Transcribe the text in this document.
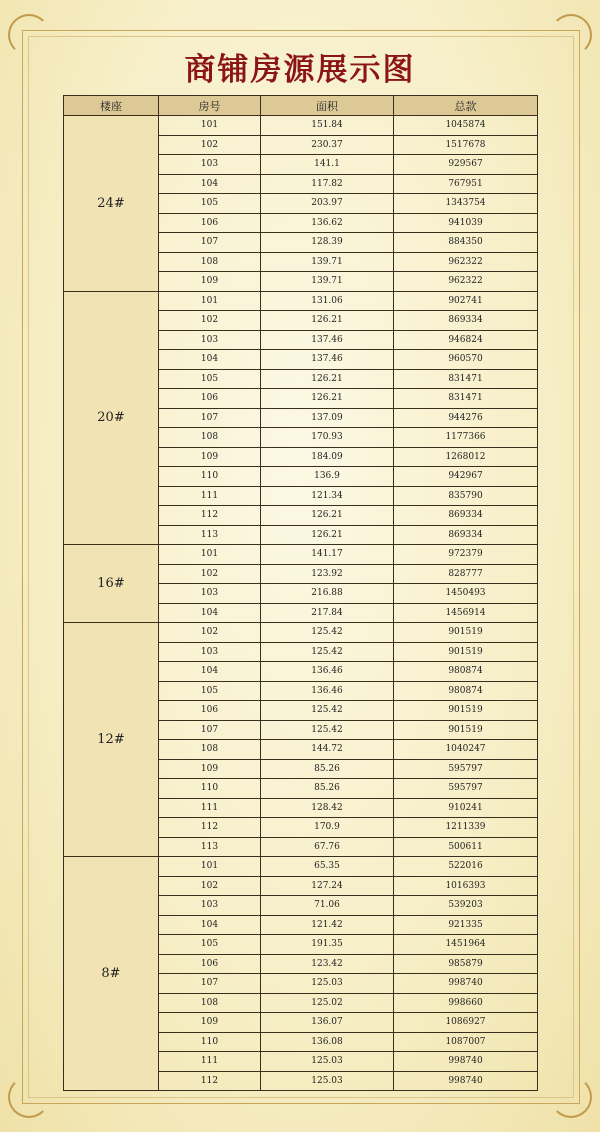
商铺房源展示图
楼座	房号	面积	总款
24#	101	151.84	1045874
	102	230.37	1517678
	103	141.1	929567
	104	117.82	767951
	105	203.97	1343754
	106	136.62	941039
	107	128.39	884350
	108	139.71	962322
	109	139.71	962322
20#	101	131.06	902741
	102	126.21	869334
	103	137.46	946824
	104	137.46	960570
	105	126.21	831471
	106	126.21	831471
	107	137.09	944276
	108	170.93	1177366
	109	184.09	1268012
	110	136.9	942967
	111	121.34	835790
	112	126.21	869334
	113	126.21	869334
16#	101	141.17	972379
	102	123.92	828777
	103	216.88	1450493
	104	217.84	1456914
12#	102	125.42	901519
	103	125.42	901519
	104	136.46	980874
	105	136.46	980874
	106	125.42	901519
	107	125.42	901519
	108	144.72	1040247
	109	85.26	595797
	110	85.26	595797
	111	128.42	910241
	112	170.9	1211339
	113	67.76	500611
8#	101	65.35	522016
	102	127.24	1016393
	103	71.06	539203
	104	121.42	921335
	105	191.35	1451964
	106	123.42	985879
	107	125.03	998740
	108	125.02	998660
	109	136.07	1086927
	110	136.08	1087007
	111	125.03	998740
	112	125.03	998740
